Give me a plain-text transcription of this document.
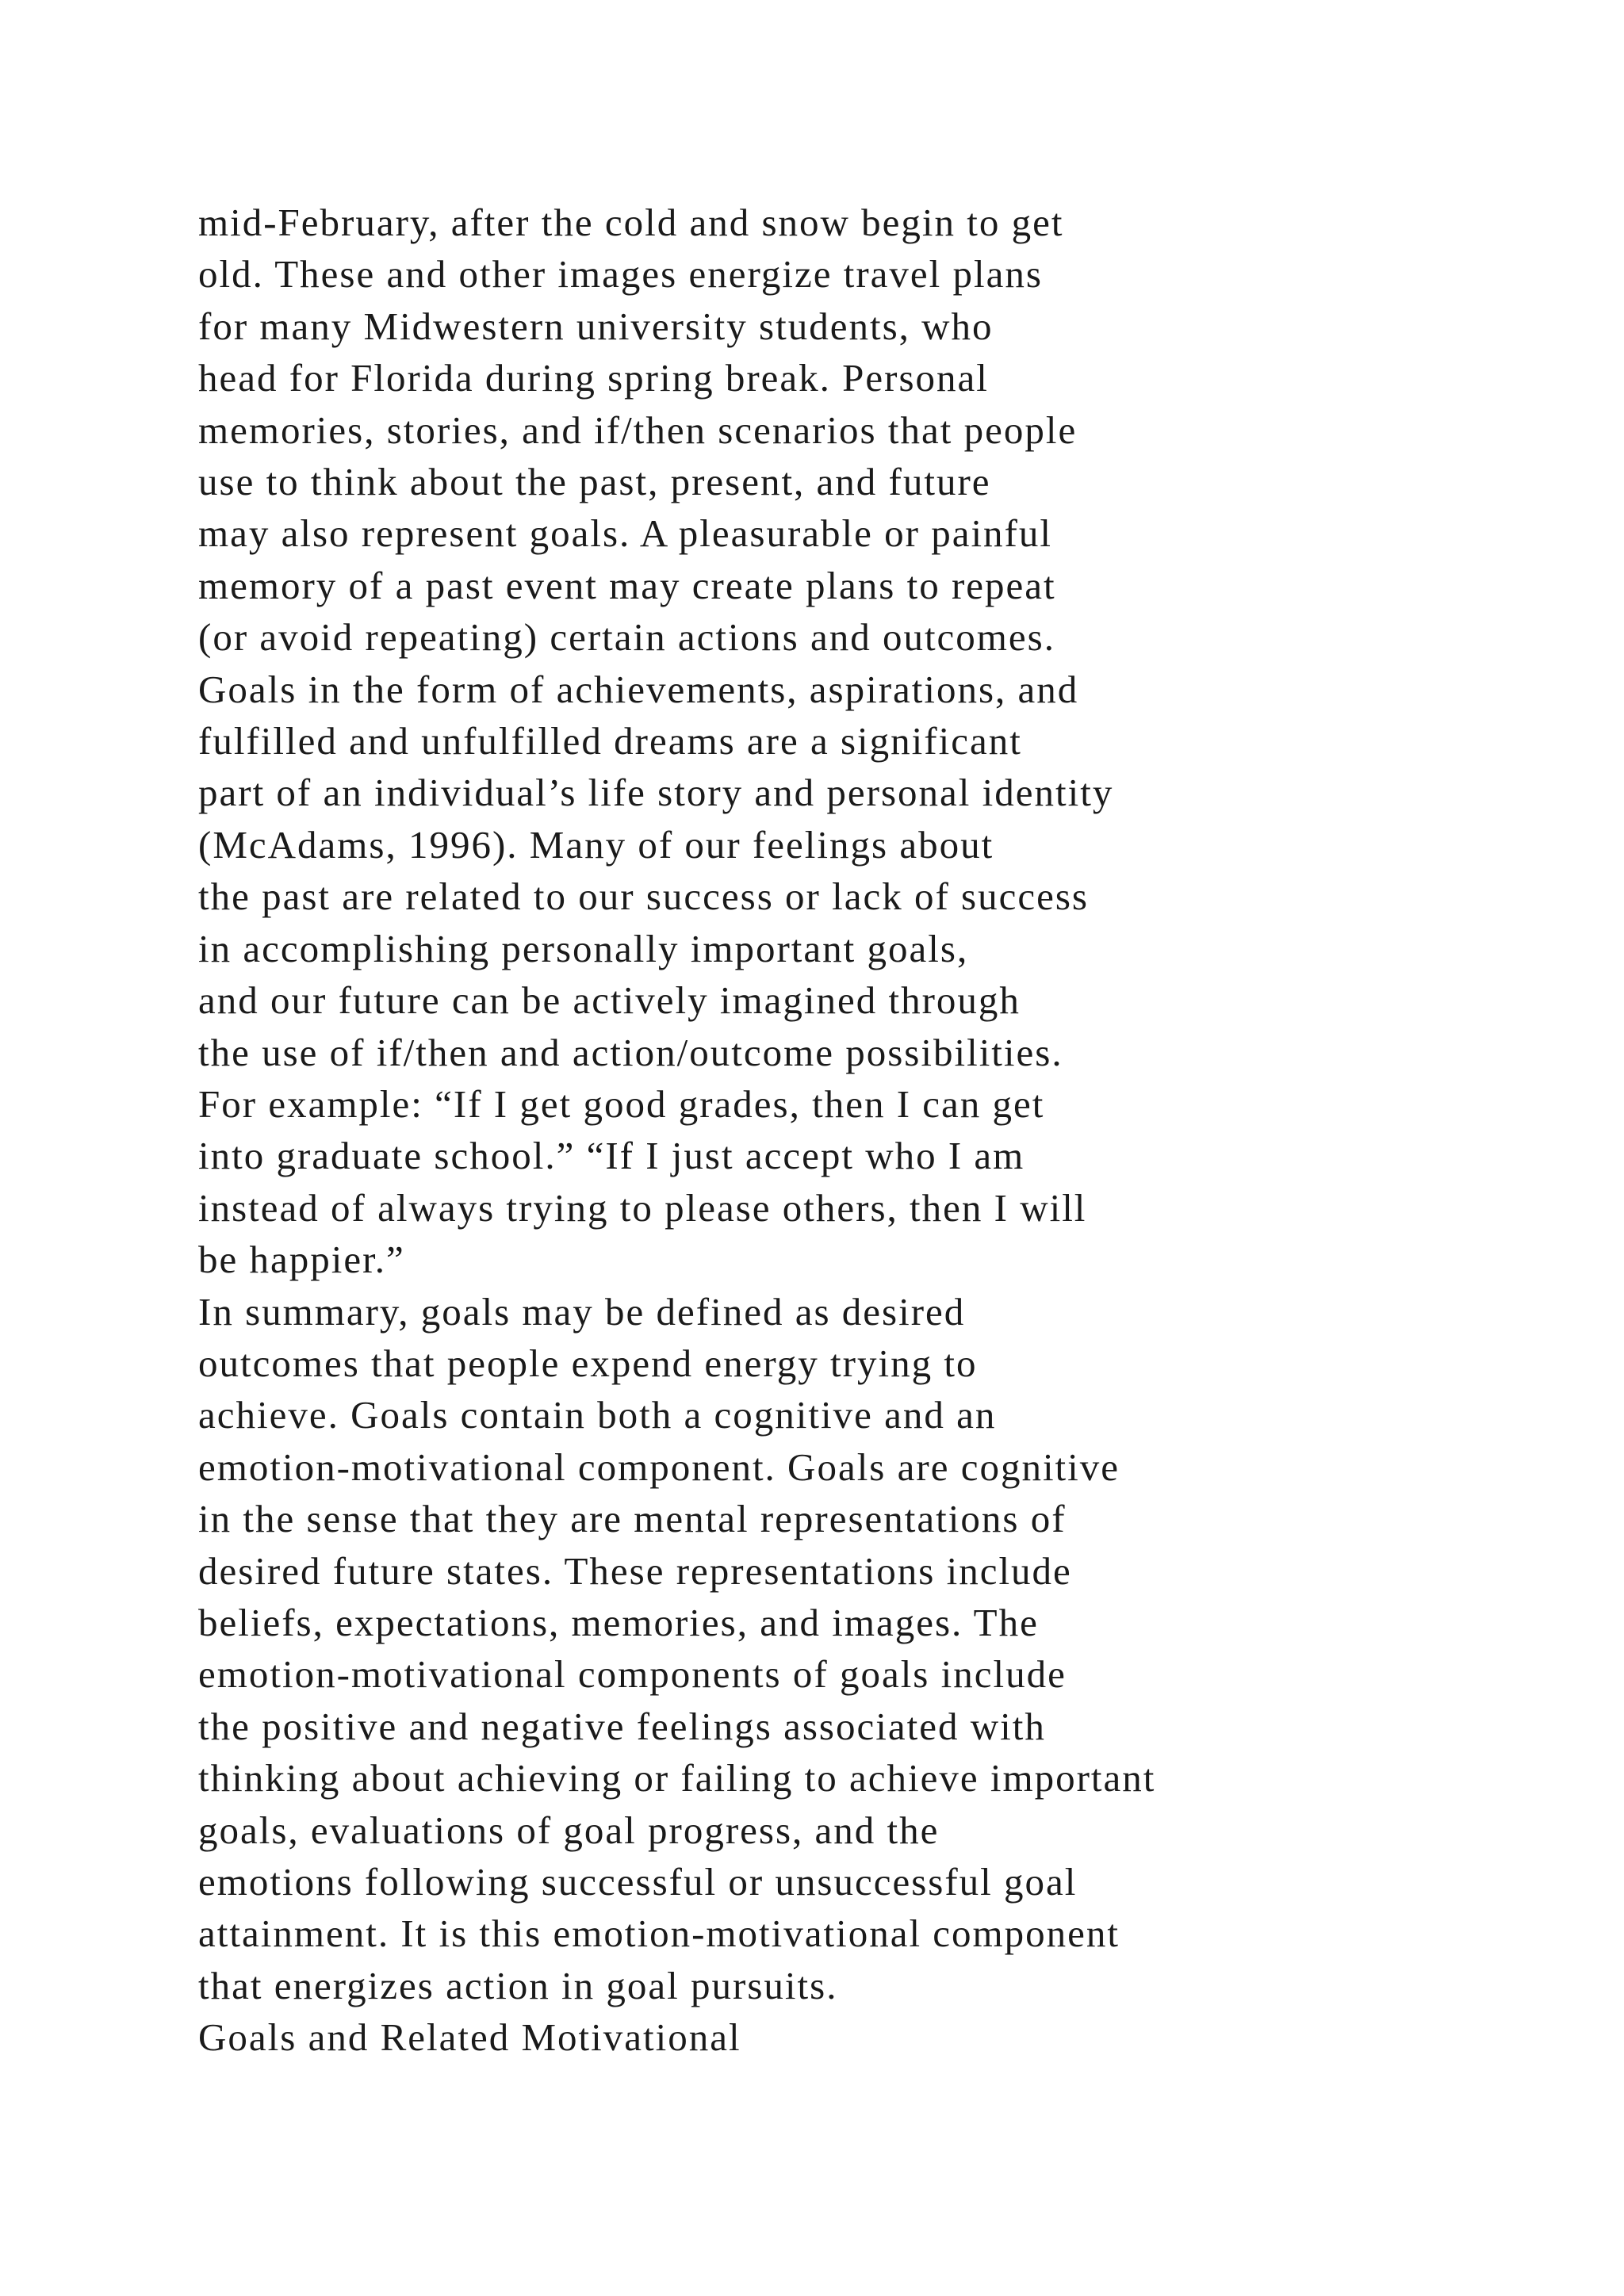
mid-February, after the cold and snow begin to get
old. These and other images energize travel plans
for many Midwestern university students, who
head for Florida during spring break. Personal
memories, stories, and if/then scenarios that people
use to think about the past, present, and future
may also represent goals. A pleasurable or painful
memory of a past event may create plans to repeat
(or avoid repeating) certain actions and outcomes.
Goals in the form of achievements, aspirations, and
fulfilled and unfulfilled dreams are a significant
part of an individual’s life story and personal identity
(McAdams, 1996). Many of our feelings about
the past are related to our success or lack of success
in accomplishing personally important goals,
and our future can be actively imagined through
the use of if/then and action/outcome possibilities.
For example: “If I get good grades, then I can get
into graduate school.” “If I just accept who I am
instead of always trying to please others, then I will
be happier.”
In summary, goals may be defined as desired
outcomes that people expend energy trying to
achieve. Goals contain both a cognitive and an
emotion-motivational component. Goals are cognitive
in the sense that they are mental representations of
desired future states. These representations include
beliefs, expectations, memories, and images. The
emotion-motivational components of goals include
the positive and negative feelings associated with
thinking about achieving or failing to achieve important
goals, evaluations of goal progress, and the
emotions following successful or unsuccessful goal
attainment. It is this emotion-motivational component
that energizes action in goal pursuits.
Goals and Related Motivational
